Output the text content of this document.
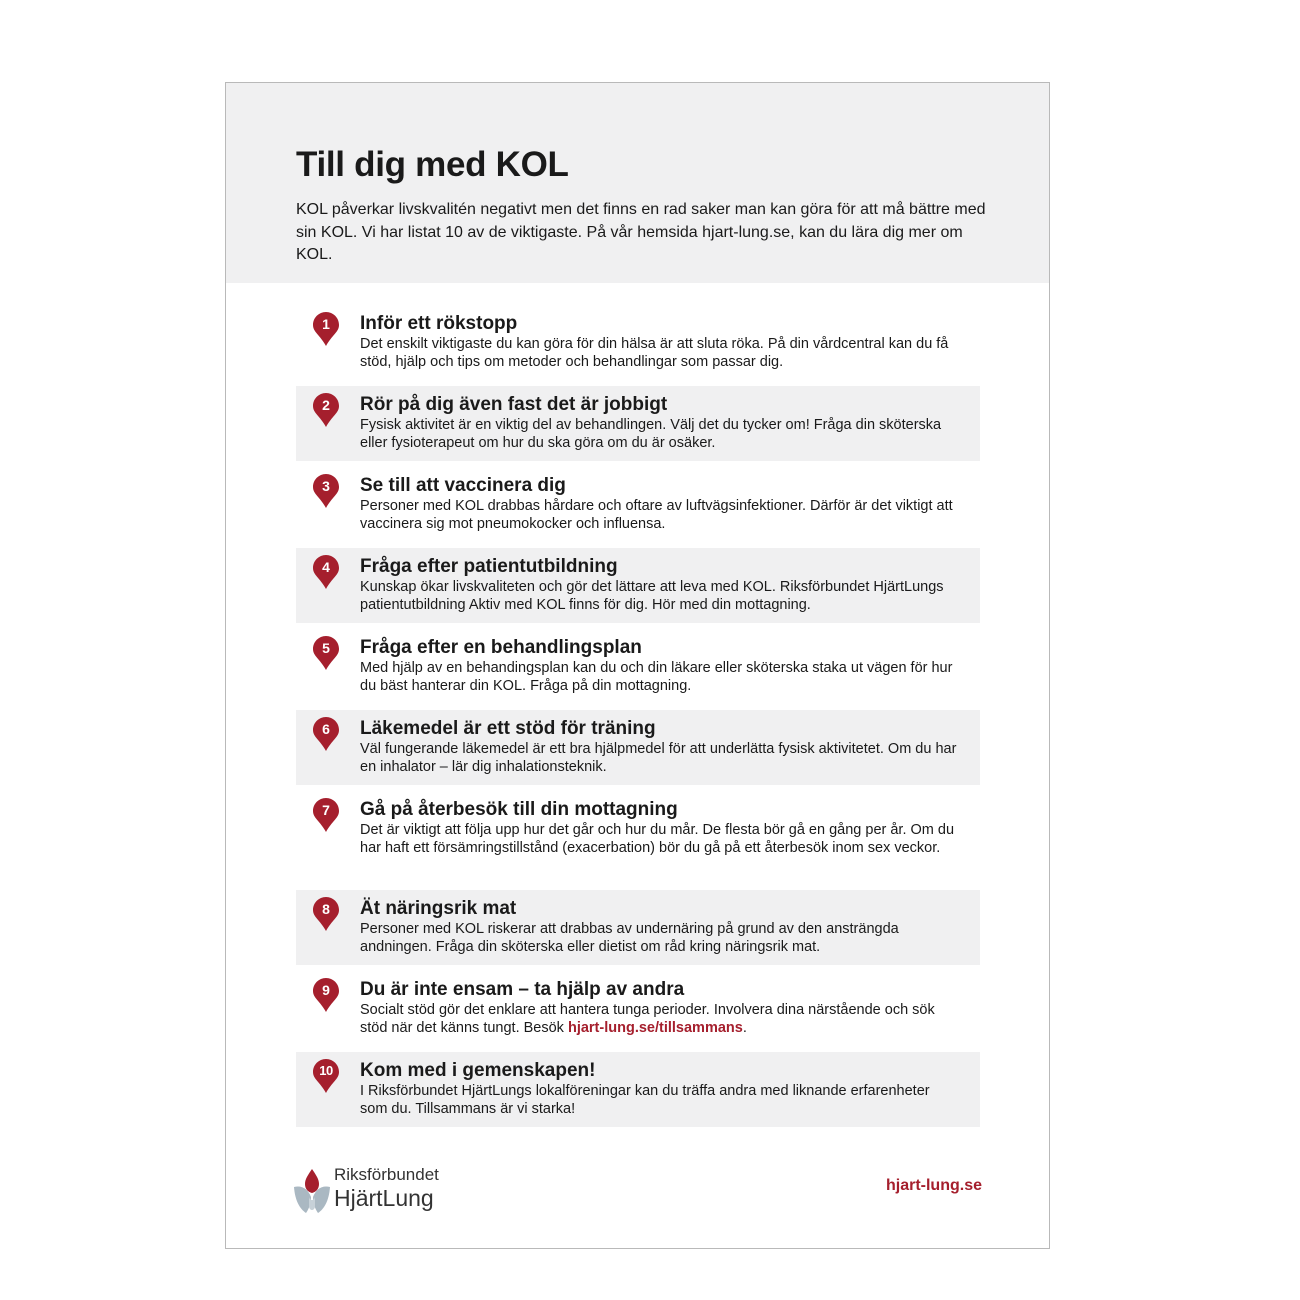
Till dig med KOL

KOL påverkar livskvalitén negativt men det finns en rad saker man kan göra för att må bättre med sin KOL. Vi har listat 10 av de viktigaste. På vår hemsida hjart-lung.se, kan du lära dig mer om KOL.

1	Inför ett rökstopp

Det enskilt viktigaste du kan göra för din hälsa är att sluta röka. På din vårdcentral kan du få stöd, hjälp och tips om metoder och behandlingar som passar dig.

2	Rör på dig även fast det är jobbigt

Fysisk aktivitet är en viktig del av behandlingen. Välj det du tycker om! Fråga din sköterska eller fysioterapeut om hur du ska göra om du är osäker.

3	Se till att vaccinera dig

Personer med KOL drabbas hårdare och oftare av luftvägsinfektioner. Därför är det viktigt att vaccinera sig mot pneumokocker och influensa.

4	Fråga efter patientutbildning

Kunskap ökar livskvaliteten och gör det lättare att leva med KOL. Riksförbundet HjärtLungs patientutbildning Aktiv med KOL finns för dig. Hör med din mottagning.

5	Fråga efter en behandlingsplan

Med hjälp av en behandingsplan kan du och din läkare eller sköterska staka ut vägen för hur du bäst hanterar din KOL. Fråga på din mottagning.

6	Läkemedel är ett stöd för träning

Väl fungerande läkemedel är ett bra hjälpmedel för att underlätta fysisk aktivitetet. Om du har en inhalator – lär dig inhalationsteknik.

7	Gå på återbesök till din mottagning

Det är viktigt att följa upp hur det går och hur du mår. De flesta bör gå en gång per år. Om du har haft ett försämringstillstånd (exacerbation) bör du gå på ett återbesök inom sex veckor.

8	Ät näringsrik mat

Personer med KOL riskerar att drabbas av undernäring på grund av den ansträngda andningen. Fråga din sköterska eller dietist om råd kring näringsrik mat.

9	Du är inte ensam – ta hjälp av andra

Socialt stöd gör det enklare att hantera tunga perioder. Involvera dina närstående och sök stöd när det känns tungt. Besök hjart-lung.se/tillsammans.

10	Kom med i gemenskapen!

I Riksförbundet HjärtLungs lokalföreningar kan du träffa andra med liknande erfarenheter som du. Tillsammans är vi starka!

Riksförbundet
HjärtLung	hjart-lung.se
